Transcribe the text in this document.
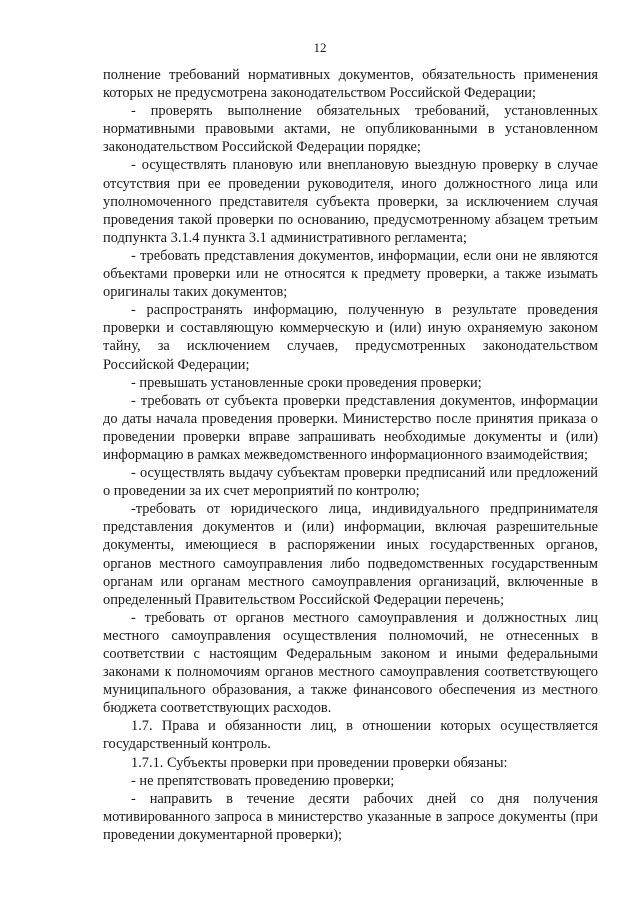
12

полнение требований нормативных документов, обязательность применения которых не предусмотрена законодательством Российской Федерации;

- проверять выполнение обязательных требований, установленных нормативными правовыми актами, не опубликованными в установленном законодательством Российской Федерации порядке;

- осуществлять плановую или внеплановую выездную проверку в случае отсутствия при ее проведении руководителя, иного должностного лица или уполномоченного представителя субъекта проверки, за исключением случая проведения такой проверки по основанию, предусмотренному абзацем третьим подпункта 3.1.4 пункта 3.1 административного регламента;

- требовать представления документов, информации, если они не являются объектами проверки или не относятся к предмету проверки, а также изымать оригиналы таких документов;

- распространять информацию, полученную в результате проведения проверки и составляющую коммерческую и (или) иную охраняемую законом тайну, за исключением случаев, предусмотренных законодательством Российской Федерации;

- превышать установленные сроки проведения проверки;

- требовать от субъекта проверки представления документов, информации до даты начала проведения проверки. Министерство после принятия приказа о проведении проверки вправе запрашивать необходимые документы и (или) информацию в рамках межведомственного информационного взаимодействия;

- осуществлять выдачу субъектам проверки предписаний или предложений о проведении за их счет мероприятий по контролю;

-требовать от юридического лица, индивидуального предпринимателя представления документов и (или) информации, включая разрешительные документы, имеющиеся в распоряжении иных государственных органов, органов местного самоуправления либо подведомственных государственным органам или органам местного самоуправления организаций, включенные в определенный Правительством Российской Федерации перечень;

- требовать от органов местного самоуправления и должностных лиц местного самоуправления осуществления полномочий, не отнесенных в соответствии с настоящим Федеральным законом и иными федеральными законами к полномочиям органов местного самоуправления соответствующего муниципального образования, а также финансового обеспечения из местного бюджета соответствующих расходов.

1.7. Права и обязанности лиц, в отношении которых осуществляется государственный контроль.

1.7.1. Субъекты проверки при проведении проверки обязаны:

- не препятствовать проведению проверки;

- направить в течение десяти рабочих дней со дня получения мотивированного запроса в министерство указанные в запросе документы (при проведении документарной проверки);
